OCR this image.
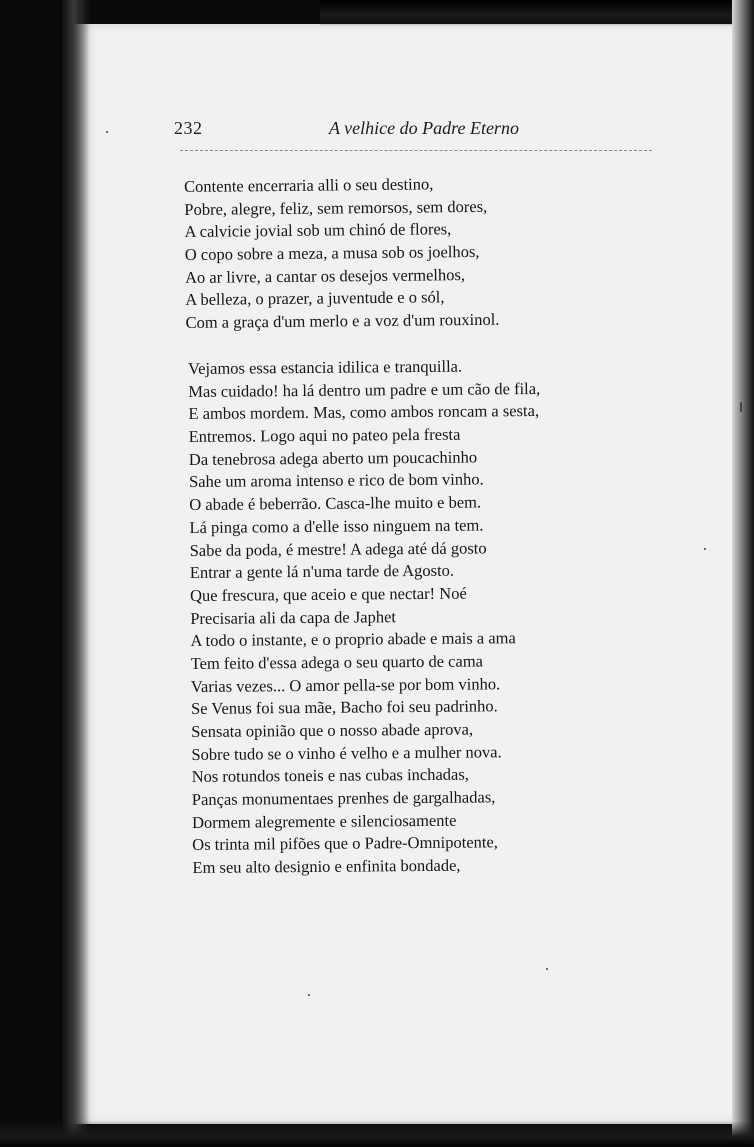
232	A velhice do Padre Eterno
Contente encerraria alli o seu destino,
Pobre, alegre, feliz, sem remorsos, sem dores,
A calvicie jovial sob um chinó de flores,
O copo sobre a meza, a musa sob os joelhos,
Ao ar livre, a cantar os desejos vermelhos,
A belleza, o prazer, a juventude e o sól,
Com a graça d'um merlo e a voz d'um rouxinol.
Vejamos essa estancia idilica e tranquilla.
Mas cuidado! ha lá dentro um padre e um cão de fila,
E ambos mordem. Mas, como ambos roncam a sesta,
Entremos. Logo aqui no pateo pela fresta
Da tenebrosa adega aberto um poucachinho
Sahe um aroma intenso e rico de bom vinho.
O abade é beberrão. Casca-lhe muito e bem.
Lá pinga como a d'elle isso ninguem na tem.
Sabe da poda, é mestre! A adega até dá gosto
Entrar a gente lá n'uma tarde de Agosto.
Que frescura, que aceio e que nectar! Noé
Precisaria ali da capa de Japhet
A todo o instante, e o proprio abade e mais a ama
Tem feito d'essa adega o seu quarto de cama
Varias vezes... O amor pella-se por bom vinho.
Se Venus foi sua mãe, Bacho foi seu padrinho.
Sensata opinião que o nosso abade aprova,
Sobre tudo se o vinho é velho e a mulher nova.
Nos rotundos toneis e nas cubas inchadas,
Panças monumentaes prenhes de gargalhadas,
Dormem alegremente e silenciosamente
Os trinta mil pifões que o Padre-Omnipotente,
Em seu alto designio e enfinita bondade,
